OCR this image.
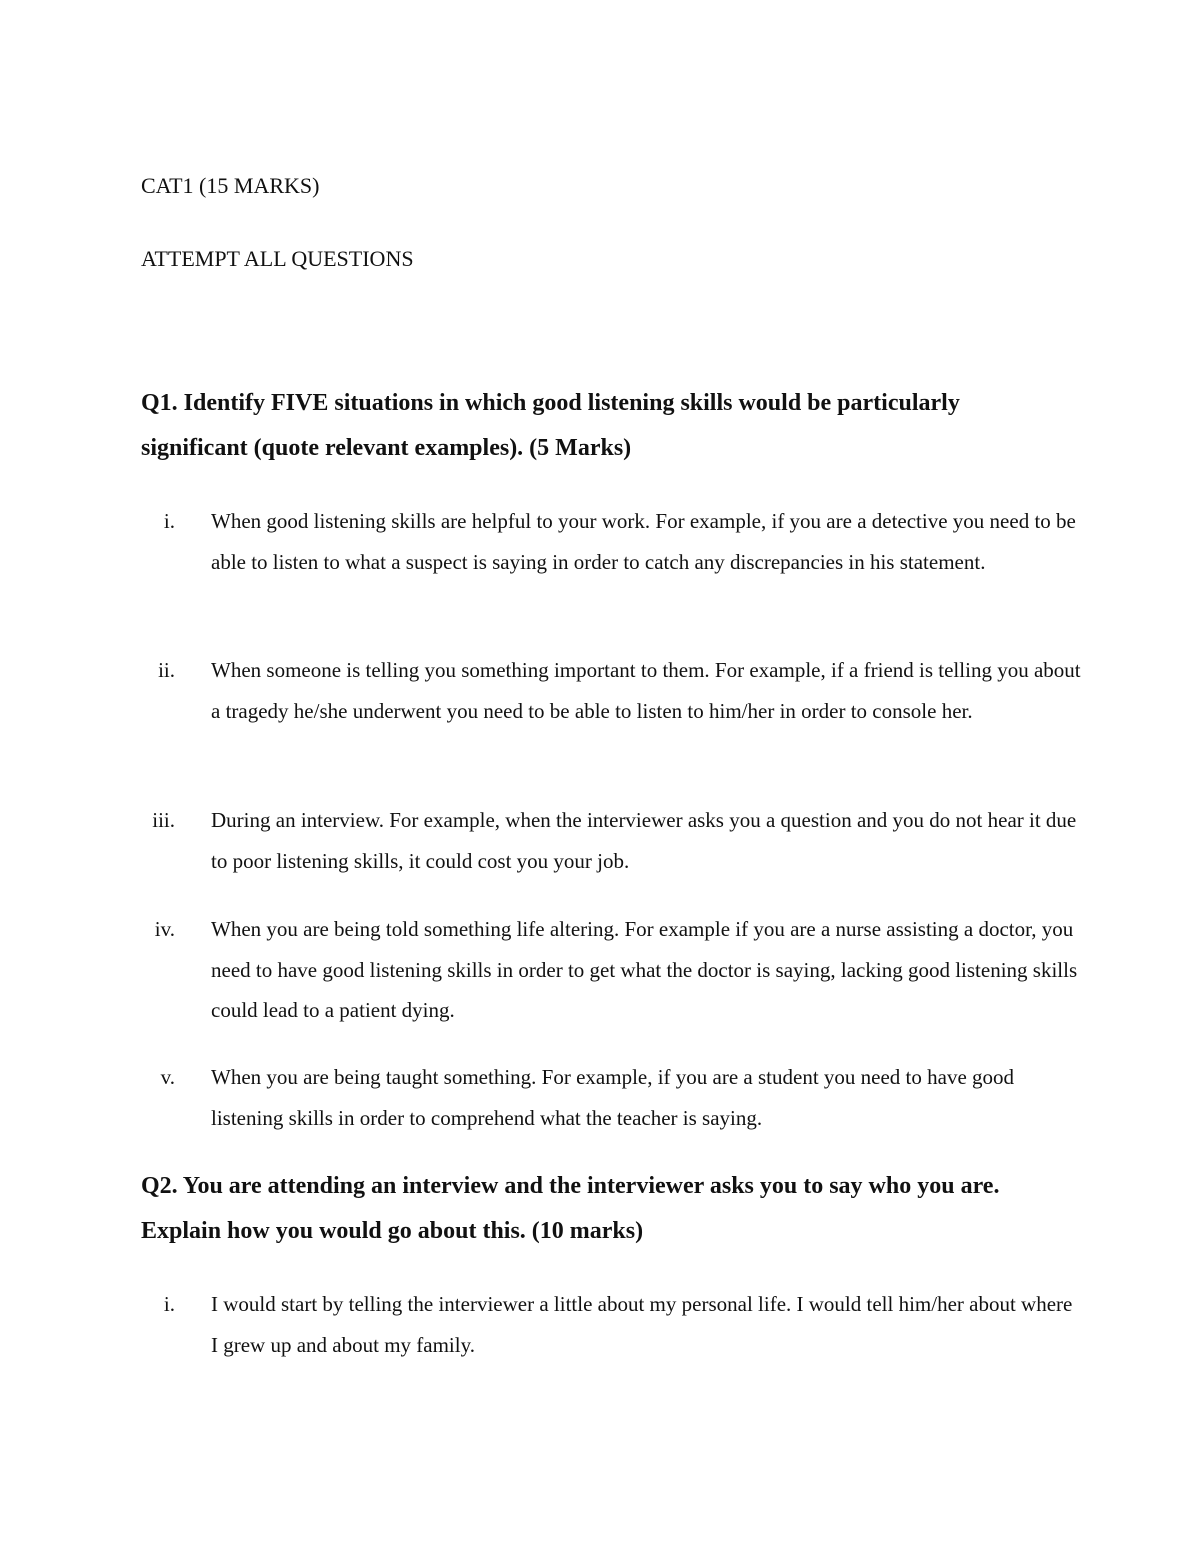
CAT1 (15 MARKS)
ATTEMPT ALL QUESTIONS
Q1. Identify FIVE situations in which good listening skills would be particularly
significant (quote relevant examples). (5 Marks)
i. When good listening skills are helpful to your work. For example, if you are a detective you need to be able to listen to what a suspect is saying in order to catch any discrepancies in his statement.
ii. When someone is telling you something important to them. For example, if a friend is telling you about a tragedy he/she underwent you need to be able to listen to him/her in order to console her.
iii. During an interview. For example, when the interviewer asks you a question and you do not hear it due to poor listening skills, it could cost you your job.
iv. When you are being told something life altering. For example if you are a nurse assisting a doctor, you need to have good listening skills in order to get what the doctor is saying, lacking good listening skills could lead to a patient dying.
v. When you are being taught something. For example, if you are a student you need to have good listening skills in order to comprehend what the teacher is saying.
Q2. You are attending an interview and the interviewer asks you to say who you are.
Explain how you would go about this. (10 marks)
i. I would start by telling the interviewer a little about my personal life. I would tell him/her about where I grew up and about my family.
